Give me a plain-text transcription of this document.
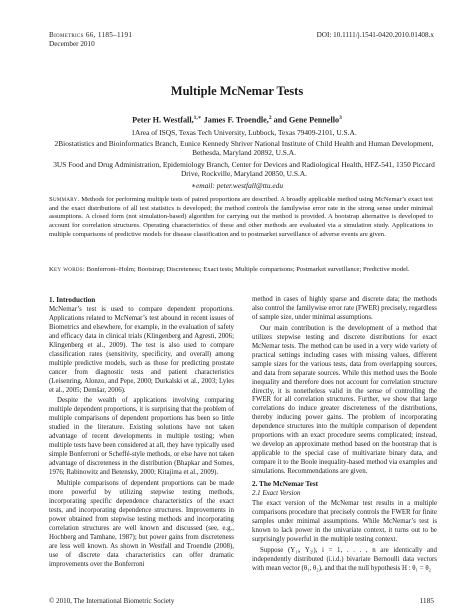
Biometrics 66, 1185–1191
December 2010
DOI: 10.1111/j.1541-0420.2010.01408.x
Multiple McNemar Tests
Peter H. Westfall,$^{1,∗}$ James F. Troendle,$^2$ and Gene Pennello$^3$
1Area of ISQS, Texas Tech University, Lubbock, Texas 79409-2101, U.S.A.
2Biostatistics and Bioinformatics Branch, Eunice Kennedy Shriver National Institute of Child Health and Human Development, Bethesda, Maryland 20892, U.S.A.
3US Food and Drug Administration, Epidemiology Branch, Center for Devices and Radiological Health, HFZ-541, 1350 Piccard Drive, Rockville, Maryland 20850, U.S.A.
∗email: peter.westfall@ttu.edu
Summary. Methods for performing multiple tests of paired proportions are described. A broadly applicable method using McNemar’s exact test and the exact distributions of all test statistics is developed; the method controls the familywise error rate in the strong sense under minimal assumptions. A closed form (not simulation-based) algorithm for carrying out the method is provided. A bootstrap alternative is developed to account for correlation structures. Operating characteristics of these and other methods are evaluated via a simulation study. Applications to multiple comparisons of predictive models for disease classification and to postmarket surveillance of adverse events are given.
Key words: Bonferroni–Holm; Bootstrap; Discreteness; Exact tests; Multiple comparisons; Postmarket surveillance; Predictive model.
1. Introduction

McNemar’s test is used to compare dependent proportions. Applications related to McNemar’s test abound in recent issues of Biometrics and elsewhere, for example, in the evaluation of safety and efficacy data in clinical trials (Klingenberg and Agresti, 2006; Klingenberg et al., 2009). The test is also used to compare classification rates (sensitivity, specificity, and overall) among multiple predictive models, such as those for predicting prostate cancer from diagnostic tests and patient characteristics (Leisenring, Alonzo, and Pepe, 2000; Durkalski et al., 2003; Lyles et al., 2005; Demšar, 2006).

Despite the wealth of applications involving comparing multiple dependent proportions, it is surprising that the problem of multiple comparisons of dependent proportions has been so little studied in the literature. Existing solutions have not taken advantage of recent developments in multiple testing; when multiple tests have been considered at all, they have typically used simple Bonferroni or Scheffé-style methods, or else have not taken advantage of discreteness in the distribution (Bhapkar and Somes, 1976; Rabinowitz and Betensky, 2000; Kitajima et al., 2009).

Multiple comparisons of dependent proportions can be made more powerful by utilizing stepwise testing methods, incorporating specific dependence characteristics of the exact tests, and incorporating dependence structures. Improvements in power obtained from stepwise testing methods and incorporating correlation structures are well known and discussed (see, e.g., Hochberg and Tamhane, 1987); but power gains from discreteness are less well known. As shown in Westfall and Troendle (2008), use of discrete data characteristics can offer dramatic improvements over the Bonferroni

method in cases of highly sparse and discrete data; the methods also control the familywise error rate (FWER) precisely, regardless of sample size, under minimal assumptions.

Our main contribution is the development of a method that utilizes stepwise testing and discrete distributions for exact McNemar tests. The method can be used in a very wide variety of practical settings including cases with missing values, different sample sizes for the various tests, data from overlapping sources, and data from separate sources. While this method uses the Boole inequality and therefore does not account for correlation structure directly, it is nonetheless valid in the sense of controlling the FWER for all correlation structures. Further, we show that large correlations do induce greater discreteness of the distributions, thereby inducing power gains. The problem of incorporating dependence structures into the multiple comparison of dependent proportions with an exact procedure seems complicated; instead, we develop an approximate method based on the bootstrap that is applicable to the special case of multivariate binary data, and compare it to the Boole inequality-based method via examples and simulations. Recommendations are given.

2. The McNemar Test
2.1 Exact Version

The exact version of the McNemar test results in a multiple comparisons procedure that precisely controls the FWER for finite samples under minimal assumptions. While McNemar’s test is known to lack power in the univariate context, it turns out to be surprisingly powerful in the multiple testing context.

Suppose (Y₁ᵢ, Y₂ᵢ), i = 1, . . . , n are identically and independently distributed (i.i.d.) bivariate Bernoulli data vectors with mean vector (θ₁, θ₂), and that the null hypothesis H : θ₁ = θ₂

© 2010, The International Biometric Society	1185
